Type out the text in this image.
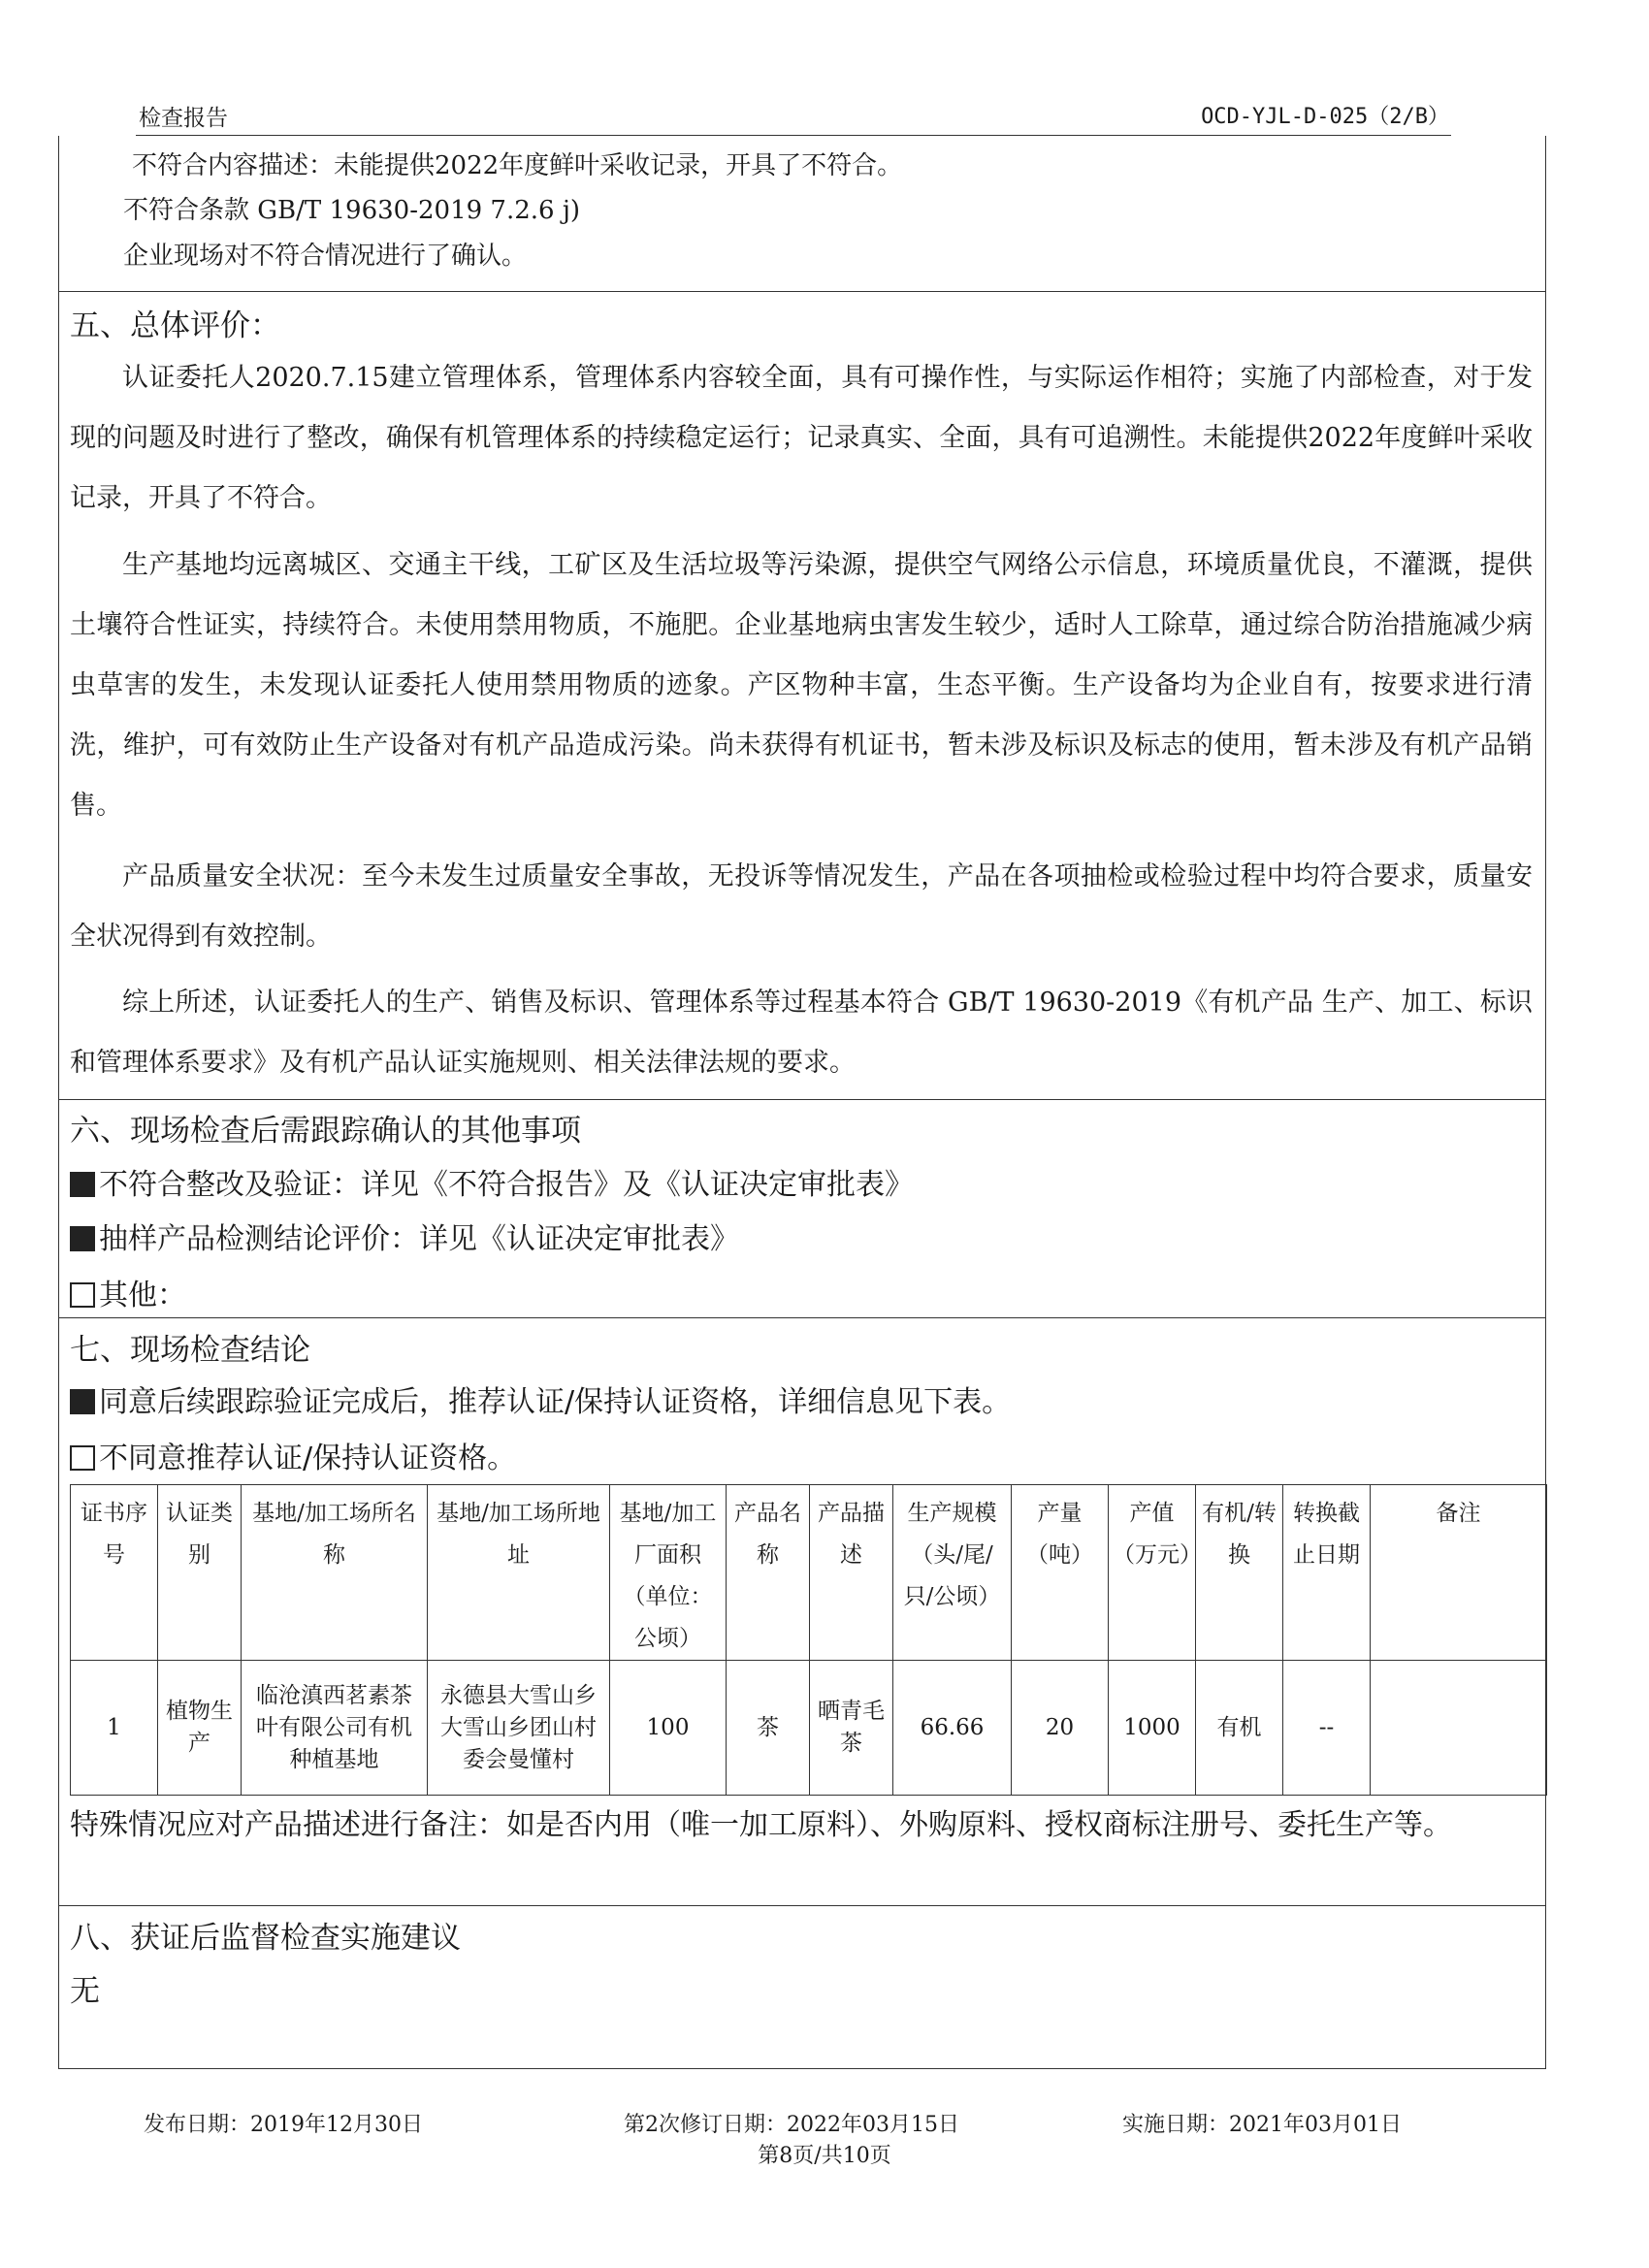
检查报告	OCD-YJL-D-025（2/B）
不符合内容描述：未能提供2022年度鲜叶采收记录，开具了不符合。
不符合条款 GB/T 19630-2019 7.2.6 j)
企业现场对不符合情况进行了确认。
五、总体评价：
认证委托人2020.7.15建立管理体系，管理体系内容较全面，具有可操作性，与实际运作相符；实施了内部检查，对于发现的问题及时进行了整改，确保有机管理体系的持续稳定运行；记录真实、全面，具有可追溯性。未能提供2022年度鲜叶采收记录，开具了不符合。
生产基地均远离城区、交通主干线，工矿区及生活垃圾等污染源，提供空气网络公示信息，环境质量优良，不灌溉，提供土壤符合性证实，持续符合。未使用禁用物质，不施肥。企业基地病虫害发生较少，适时人工除草，通过综合防治措施减少病虫草害的发生，未发现认证委托人使用禁用物质的迹象。产区物种丰富，生态平衡。生产设备均为企业自有，按要求进行清洗，维护，可有效防止生产设备对有机产品造成污染。尚未获得有机证书，暂未涉及标识及标志的使用，暂未涉及有机产品销售。
产品质量安全状况：至今未发生过质量安全事故，无投诉等情况发生，产品在各项抽检或检验过程中均符合要求，质量安全状况得到有效控制。
综上所述，认证委托人的生产、销售及标识、管理体系等过程基本符合 GB/T 19630-2019《有机产品 生产、加工、标识和管理体系要求》及有机产品认证实施规则、相关法律法规的要求。
六、现场检查后需跟踪确认的其他事项
不符合整改及验证：详见《不符合报告》及《认证决定审批表》
抽样产品检测结论评价：详见《认证决定审批表》
其他：
七、现场检查结论
同意后续跟踪验证完成后，推荐认证/保持认证资格，详细信息见下表。
不同意推荐认证/保持认证资格。
证书序号	认证类别	基地/加工场所名称	基地/加工场所地址	基地/加工厂面积（单位：公顷）	产品名称	产品描述	生产规模（头/尾/只/公顷）	产量（吨）	产值（万元）	有机/转换	转换截止日期	备注
1	植物生产	临沧滇西茗素茶叶有限公司有机种植基地	永德县大雪山乡大雪山乡团山村委会曼懂村	100	茶	晒青毛茶	66.66	20	1000	有机	--	
特殊情况应对产品描述进行备注：如是否内用（唯一加工原料）、外购原料、授权商标注册号、委托生产等。
八、获证后监督检查实施建议
无
发布日期：2019年12月30日	第2次修订日期：2022年03月15日	实施日期：2021年03月01日
第8页/共10页
